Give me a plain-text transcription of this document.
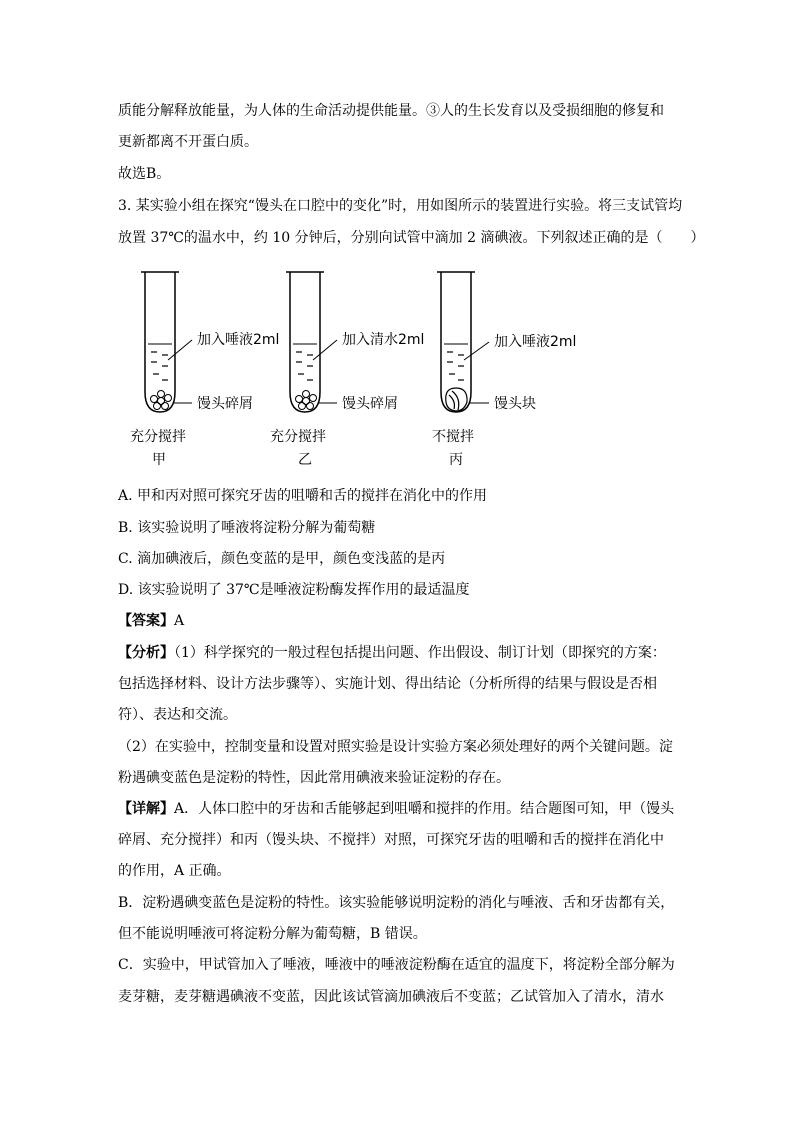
质能分解释放能量，为人体的生命活动提供能量。③人的生长发育以及受损细胞的修复和
更新都离不开蛋白质。
故选B。
3. 某实验小组在探究“馒头在口腔中的变化”时，用如图所示的装置进行实验。将三支试管均
放置 37℃的温水中，约 10 分钟后，分别向试管中滴加 2 滴碘液。下列叙述正确的是（　　）
加入唾液2ml
馒头碎屑
充分搅拌
甲
加入清水2ml
馒头碎屑
充分搅拌
乙
加入唾液2ml
馒头块
不搅拌
丙
A. 甲和丙对照可探究牙齿的咀嚼和舌的搅拌在消化中的作用
B. 该实验说明了唾液将淀粉分解为葡萄糖
C. 滴加碘液后，颜色变蓝的是甲，颜色变浅蓝的是丙
D. 该实验说明了 37℃是唾液淀粉酶发挥作用的最适温度
【答案】A
【分析】（1）科学探究的一般过程包括提出问题、作出假设、制订计划（即探究的方案：
包括选择材料、设计方法步骤等）、实施计划、得出结论（分析所得的结果与假设是否相
符）、表达和交流。
（2）在实验中，控制变量和设置对照实验是设计实验方案必须处理好的两个关键问题。淀
粉遇碘变蓝色是淀粉的特性，因此常用碘液来验证淀粉的存在。
【详解】A．人体口腔中的牙齿和舌能够起到咀嚼和搅拌的作用。结合题图可知，甲（馒头
碎屑、充分搅拌）和丙（馒头块、不搅拌）对照，可探究牙齿的咀嚼和舌的搅拌在消化中
的作用，A 正确。
B．淀粉遇碘变蓝色是淀粉的特性。该实验能够说明淀粉的消化与唾液、舌和牙齿都有关，
但不能说明唾液可将淀粉分解为葡萄糖，B 错误。
C．实验中，甲试管加入了唾液，唾液中的唾液淀粉酶在适宜的温度下，将淀粉全部分解为
麦芽糖，麦芽糖遇碘液不变蓝，因此该试管滴加碘液后不变蓝；乙试管加入了清水，清水
